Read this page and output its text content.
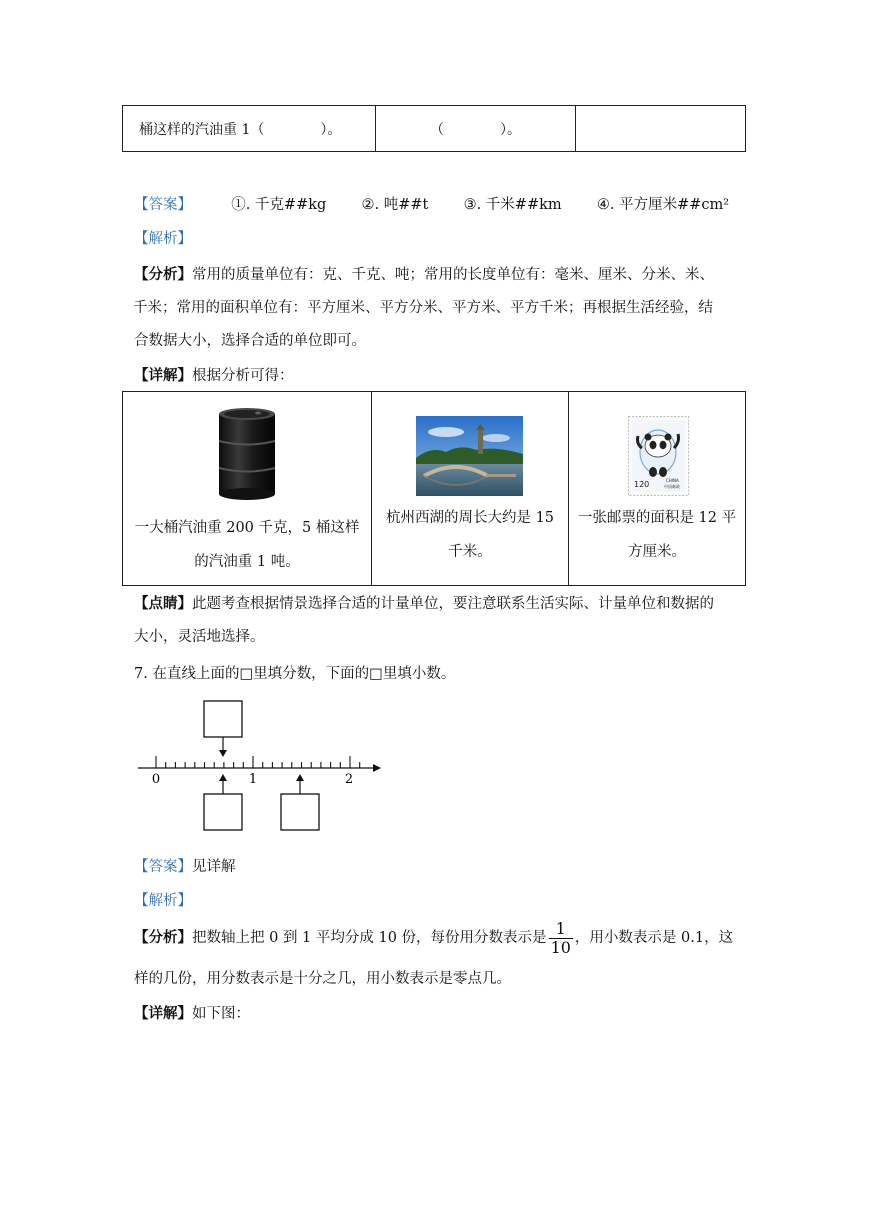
桶这样的汽油重 1（　　　　）。	（　　　　）。	
【答案】	①. 千克##kg ②. 吨##t ③. 千米##km ④. 平方厘米##cm²
【解析】
【分析】常用的质量单位有：克、千克、吨；常用的长度单位有：毫米、厘米、分米、米、
千米；常用的面积单位有：平方厘米、平方分米、平方米、平方千米；再根据生活经验，结
合数据大小，选择合适的单位即可。
【详解】根据分析可得：
一大桶汽油重 200 千克，5 桶这样
的汽油重 1 吨。

杭州西湖的周长大约是 15
千米。

120	CHINA
中国邮政
一张邮票的面积是 12 平
方厘米。
【点睛】此题考查根据情景选择合适的计量单位，要注意联系生活实际、计量单位和数据的
大小，灵活地选择。
7. 在直线上面的□里填分数，下面的□里填小数。
0	1	2
【答案】见详解
【解析】
【分析】把数轴上把 0 到 1 平均分成 10 份，每份用分数表示是 $\frac{1}{10}$ ，用小数表示是 0.1，这
样的几份，用分数表示是十分之几，用小数表示是零点几。
【详解】如下图：
